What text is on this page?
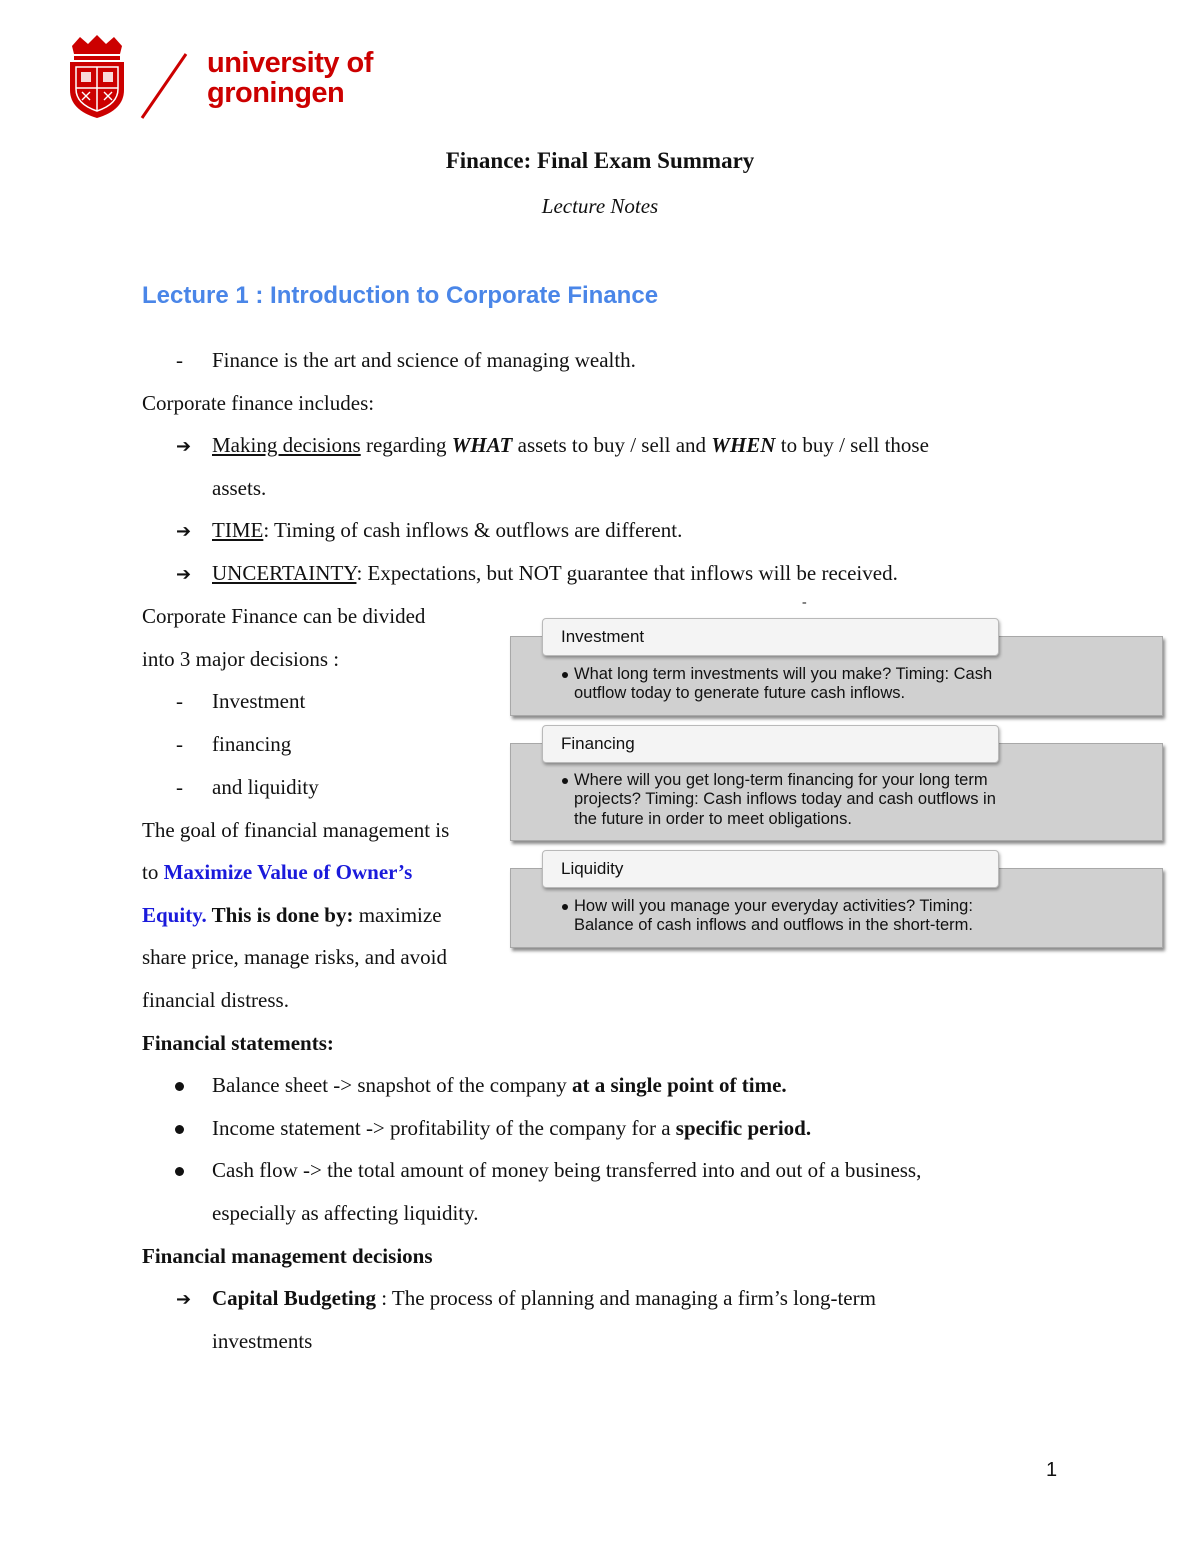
university of
groningen
Finance: Final Exam Summary
Lecture Notes
Lecture 1 : Introduction to Corporate Finance
- Finance is the art and science of managing wealth.
Corporate finance includes:
➔ Making decisions regarding WHAT assets to buy / sell and WHEN to buy / sell those
assets.
➔ TIME: Timing of cash inflows & outflows are different.
➔ UNCERTAINTY: Expectations, but NOT guarantee that inflows will be received.
-
Corporate Finance can be divided
into 3 major decisions :
- Investment
- financing
- and liquidity
The goal of financial management is
to Maximize Value of Owner’s
Equity. This is done by: maximize
share price, manage risks, and avoid
financial distress.
Investment
What long term investments will you make? Timing: Cash
outflow today to generate future cash inflows.
Financing
Where will you get long-term financing for your long term
projects? Timing: Cash inflows today and cash outflows in
the future in order to meet obligations.
Liquidity
How will you manage your everyday activities? Timing:
Balance of cash inflows and outflows in the short-term.
Financial statements:
Balance sheet -> snapshot of the company at a single point of time.
Income statement -> profitability of the company for a specific period.
Cash flow -> the total amount of money being transferred into and out of a business,
especially as affecting liquidity.
Financial management decisions
➔ Capital Budgeting : The process of planning and managing a firm’s long-term
investments
1
